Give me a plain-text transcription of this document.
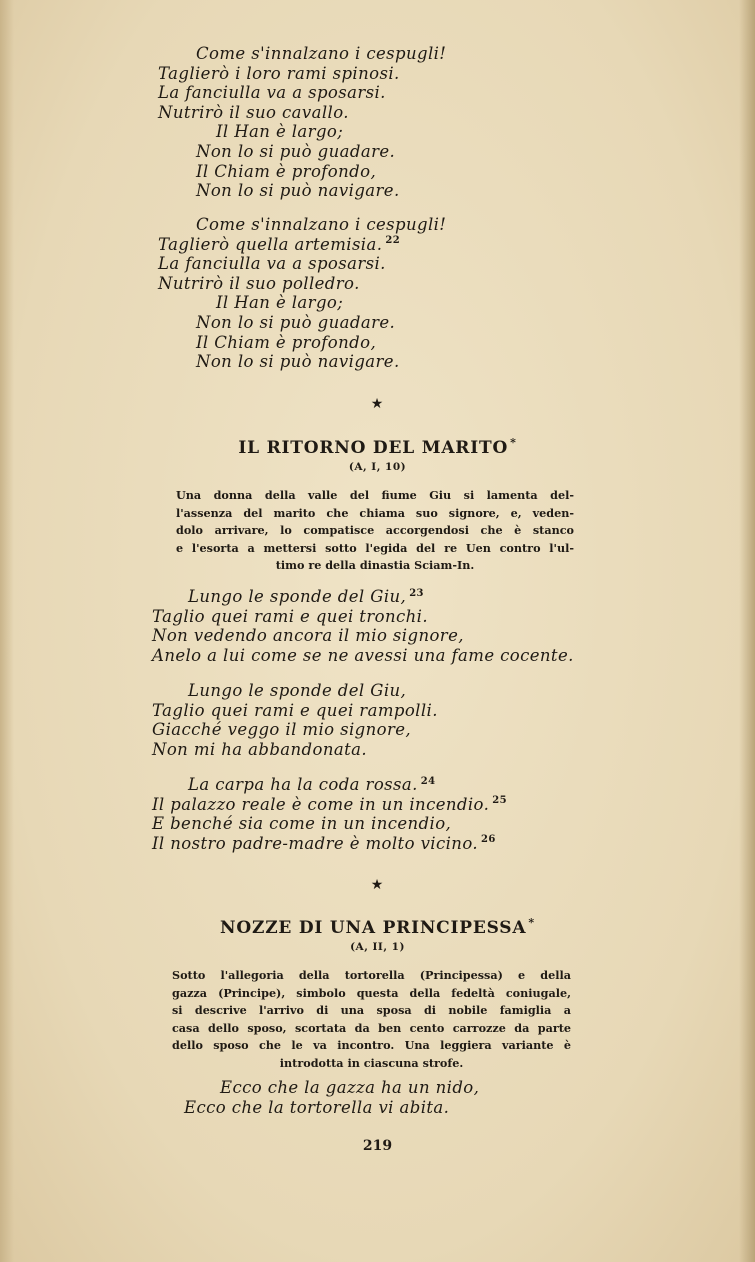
Come s'innalzano i cespugli!
Taglierò i loro rami spinosi.
La fanciulla va a sposarsi.
Nutrirò il suo cavallo.
Il Han è largo;
Non lo si può guadare.
Il Chiam è profondo,
Non lo si può navigare.
Come s'innalzano i cespugli!
Taglierò quella artemisia. $^{22}$
La fanciulla va a sposarsi.
Nutrirò il suo polledro.
Il Han è largo;
Non lo si può guadare.
Il Chiam è profondo,
Non lo si può navigare.
★
IL RITORNO DEL MARITO *
(A, I, 10)
Una donna della valle del fiume Giu si lamenta del-
l'assenza del marito che chiama suo signore, e, veden-
dolo arrivare, lo compatisce accorgendosi che è stanco
e l'esorta a mettersi sotto l'egida del re Uen contro l'ul-
timo re della dinastia Sciam-In.
Lungo le sponde del Giu, $^{23}$
Taglio quei rami e quei tronchi.
Non vedendo ancora il mio signore,
Anelo a lui come se ne avessi una fame cocente.
Lungo le sponde del Giu,
Taglio quei rami e quei rampolli.
Giacché veggo il mio signore,
Non mi ha abbandonata.
La carpa ha la coda rossa. $^{24}$
Il palazzo reale è come in un incendio. $^{25}$
E benché sia come in un incendio,
Il nostro padre-madre è molto vicino. $^{26}$
★
NOZZE DI UNA PRINCIPESSA *
(A, II, 1)
Sotto l'allegoria della tortorella (Principessa) e della
gazza (Principe), simbolo questa della fedeltà coniugale,
si descrive l'arrivo di una sposa di nobile famiglia a
casa dello sposo, scortata da ben cento carrozze da parte
dello sposo che le va incontro. Una leggiera variante è
introdotta in ciascuna strofe.
Ecco che la gazza ha un nido,
Ecco che la tortorella vi abita.
219
